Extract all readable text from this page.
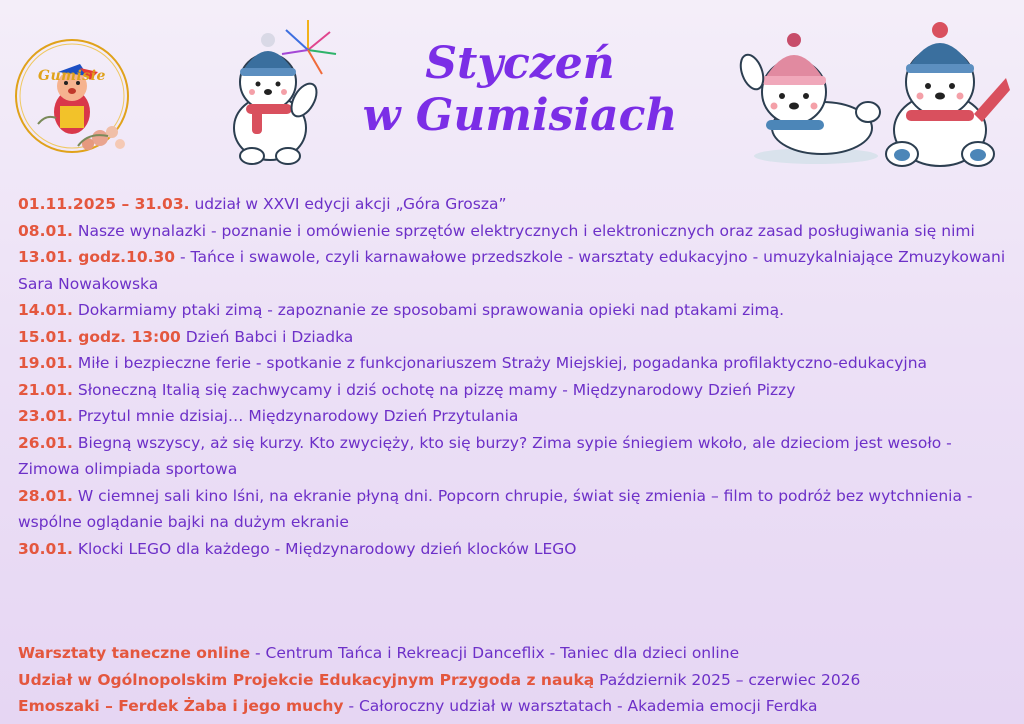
Gumisie	Styczeń
w Gumisiach

01.11.2025 – 31.03. udział w XXVI edycji akcji „Góra Grosza”

08.01. Nasze wynalazki - poznanie i omówienie sprzętów elektrycznych i elektronicznych oraz zasad posługiwania się nimi

13.01. godz.10.30 - Tańce i swawole, czyli karnawałowe przedszkole - warsztaty edukacyjno - umuzykalniające Zmuzykowani Sara Nowakowska

14.01. Dokarmiamy ptaki zimą - zapoznanie ze sposobami sprawowania opieki nad ptakami zimą.

15.01. godz. 13:00 Dzień Babci i Dziadka

19.01. Miłe i bezpieczne ferie - spotkanie z funkcjonariuszem Straży Miejskiej, pogadanka profilaktyczno-edukacyjna

21.01. Słoneczną Italią się zachwycamy i dziś ochotę na pizzę mamy - Międzynarodowy Dzień Pizzy

23.01. Przytul mnie dzisiaj… Międzynarodowy Dzień Przytulania

26.01. Biegną wszyscy, aż się kurzy. Kto zwycięży, kto się burzy? Zima sypie śniegiem wkoło, ale dzieciom jest wesoło - Zimowa olimpiada sportowa

28.01. W ciemnej sali kino lśni, na ekranie płyną dni. Popcorn chrupie, świat się zmienia – film to podróż bez wytchnienia - wspólne oglądanie bajki na dużym ekranie

30.01. Klocki LEGO dla każdego - Międzynarodowy dzień klocków LEGO

Warsztaty taneczne online - Centrum Tańca i Rekreacji Danceflix - Taniec dla dzieci online

Udział w Ogólnopolskim Projekcie Edukacyjnym Przygoda z nauką Październik 2025 – czerwiec 2026

Emoszaki – Ferdek Żaba i jego muchy - Całoroczny udział w warsztatach - Akademia emocji Ferdka
